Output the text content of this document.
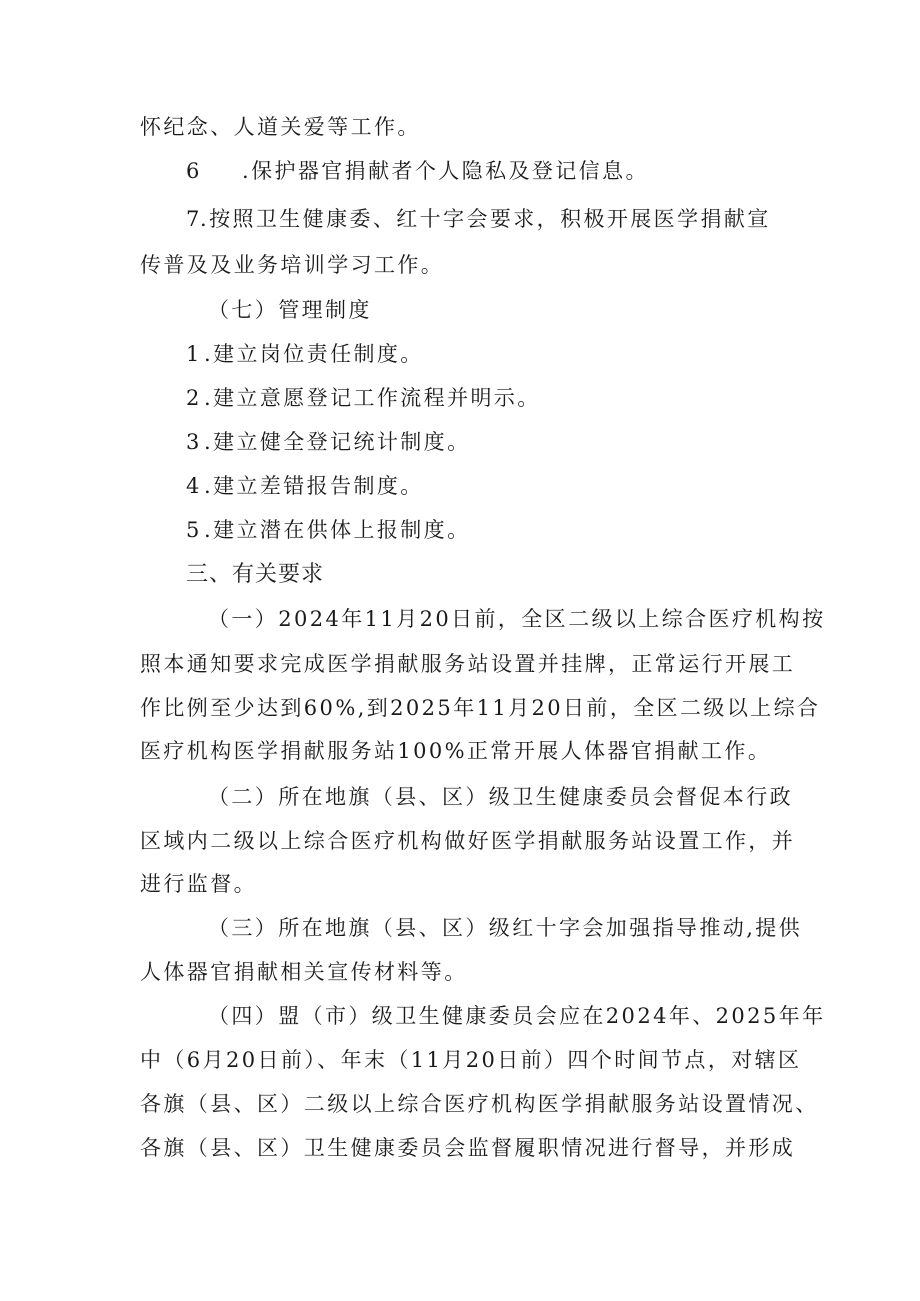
怀纪念、人道关爱等工作。
6 .保护器官捐献者个人隐私及登记信息。
7.按照卫生健康委、红十字会要求，积极开展医学捐献宣
传普及及业务培训学习工作。
（七）管理制度
1 .建立岗位责任制度。
2 .建立意愿登记工作流程并明示。
3 .建立健全登记统计制度。
4 .建立差错报告制度。
5 .建立潜在供体上报制度。
三、有关要求
（一）2024年11月20日前，全区二级以上综合医疗机构按
照本通知要求完成医学捐献服务站设置并挂牌，正常运行开展工
作比例至少达到60%,到2025年11月20日前，全区二级以上综合
医疗机构医学捐献服务站100%正常开展人体器官捐献工作。
（二）所在地旗（县、区）级卫生健康委员会督促本行政
区域内二级以上综合医疗机构做好医学捐献服务站设置工作，并
进行监督。
（三）所在地旗（县、区）级红十字会加强指导推动,提供
人体器官捐献相关宣传材料等。
（四）盟（市）级卫生健康委员会应在2024年、2025年年
中（6月20日前）、年末（11月20日前）四个时间节点，对辖区
各旗（县、区）二级以上综合医疗机构医学捐献服务站设置情况、
各旗（县、区）卫生健康委员会监督履职情况进行督导，并形成
